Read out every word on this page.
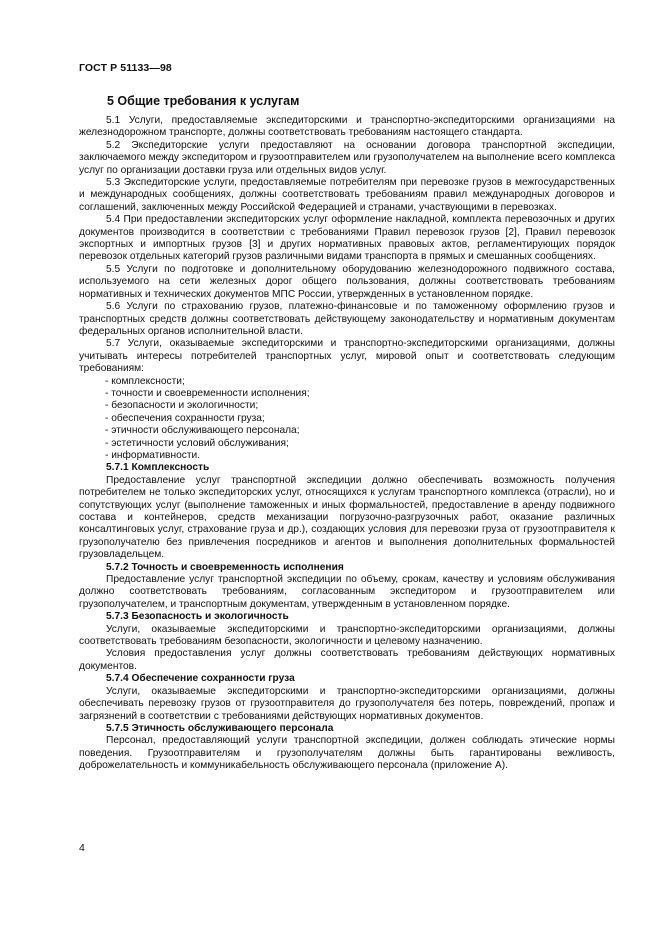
ГОСТ Р 51133—98
5 Общие требования к услугам

5.1 Услуги, предоставляемые экспедиторскими и транспортно-экспедиторскими организациями на железнодорожном транспорте, должны соответствовать требованиям настоящего стандарта.

5.2 Экспедиторские услуги предоставляют на основании договора транспортной экспедиции, заключаемого между экспедитором и грузоотправителем или грузополучателем на выполнение всего комплекса услуг по организации доставки груза или отдельных видов услуг.

5.3 Экспедиторские услуги, предоставляемые потребителям при перевозке грузов в межгосударственных и международных сообщениях, должны соответствовать требованиям правил международных договоров и соглашений, заключенных между Российской Федерацией и странами, участвующими в перевозках.

5.4 При предоставлении экспедиторских услуг оформление накладной, комплекта перевозочных и других документов производится в соответствии с требованиями Правил перевозок грузов [2], Правил перевозок экспортных и импортных грузов [3] и других нормативных правовых актов, регламентирующих порядок перевозок отдельных категорий грузов различными видами транспорта в прямых и смешанных сообщениях.

5.5 Услуги по подготовке и дополнительному оборудованию железнодорожного подвижного состава, используемого на сети железных дорог общего пользования, должны соответствовать требованиям нормативных и технических документов МПС России, утвержденных в установленном порядке.

5.6 Услуги по страхованию грузов, платежно-финансовые и по таможенному оформлению грузов и транспортных средств должны соответствовать действующему законодательству и нормативным документам федеральных органов исполнительной власти.

5.7 Услуги, оказываемые экспедиторскими и транспортно-экспедиторскими организациями, должны учитывать интересы потребителей транспортных услуг, мировой опыт и соответствовать следующим требованиям:

- комплексности;
- точности и своевременности исполнения;
- безопасности и экологичности;
- обеспечения сохранности груза;
- этичности обслуживающего персонала;
- эстетичности условий обслуживания;
- информативности.
5.7.1 Комплексность

Предоставление услуг транспортной экспедиции должно обеспечивать возможность получения потребителем не только экспедиторских услуг, относящихся к услугам транспортного комплекса (отрасли), но и сопутствующих услуг (выполнение таможенных и иных формальностей, предоставление в аренду подвижного состава и контейнеров, средств механизации погрузочно-разгрузочных работ, оказание различных консалтинговых услуг, страхование груза и др.), создающих условия для перевозки груза от грузоотправителя к грузополучателю без привлечения посредников и агентов и выполнения дополнительных формальностей грузовладельцем.

5.7.2 Точность и своевременность исполнения

Предоставление услуг транспортной экспедиции по объему, срокам, качеству и условиям обслуживания должно соответствовать требованиям, согласованным экспедитором и грузоотправителем или грузополучателем, и транспортным документам, утвержденным в установленном порядке.

5.7.3 Безопасность и экологичность

Услуги, оказываемые экспедиторскими и транспортно-экспедиторскими организациями, должны соответствовать требованиям безопасности, экологичности и целевому назначению.

Условия предоставления услуг должны соответствовать требованиям действующих нормативных документов.

5.7.4 Обеспечение сохранности груза

Услуги, оказываемые экспедиторскими и транспортно-экспедиторскими организациями, должны обеспечивать перевозку грузов от грузоотправителя до грузополучателя без потерь, повреждений, пропаж и загрязнений в соответствии с требованиями действующих нормативных документов.

5.7.5 Этичность обслуживающего персонала

Персонал, предоставляющий услуги транспортной экспедиции, должен соблюдать этические нормы поведения. Грузоотправителям и грузополучателям должны быть гарантированы вежливость, доброжелательность и коммуникабельность обслуживающего персонала (приложение А).

4
